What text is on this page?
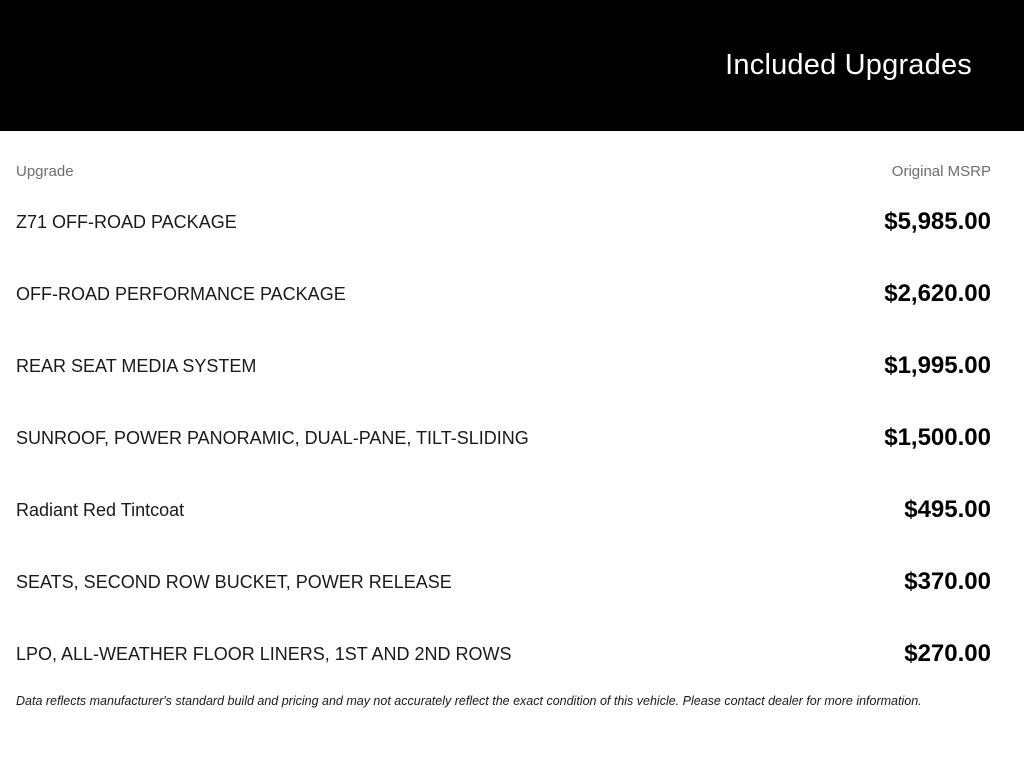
Included Upgrades
Upgrade	Original MSRP
Z71 OFF-ROAD PACKAGE	$5,985.00
OFF-ROAD PERFORMANCE PACKAGE	$2,620.00
REAR SEAT MEDIA SYSTEM	$1,995.00
SUNROOF, POWER PANORAMIC, DUAL-PANE, TILT-SLIDING	$1,500.00
Radiant Red Tintcoat	$495.00
SEATS, SECOND ROW BUCKET, POWER RELEASE	$370.00
LPO, ALL-WEATHER FLOOR LINERS, 1ST AND 2ND ROWS	$270.00

Data reflects manufacturer's standard build and pricing and may not accurately reflect the exact condition of this vehicle. Please contact dealer for more information.
